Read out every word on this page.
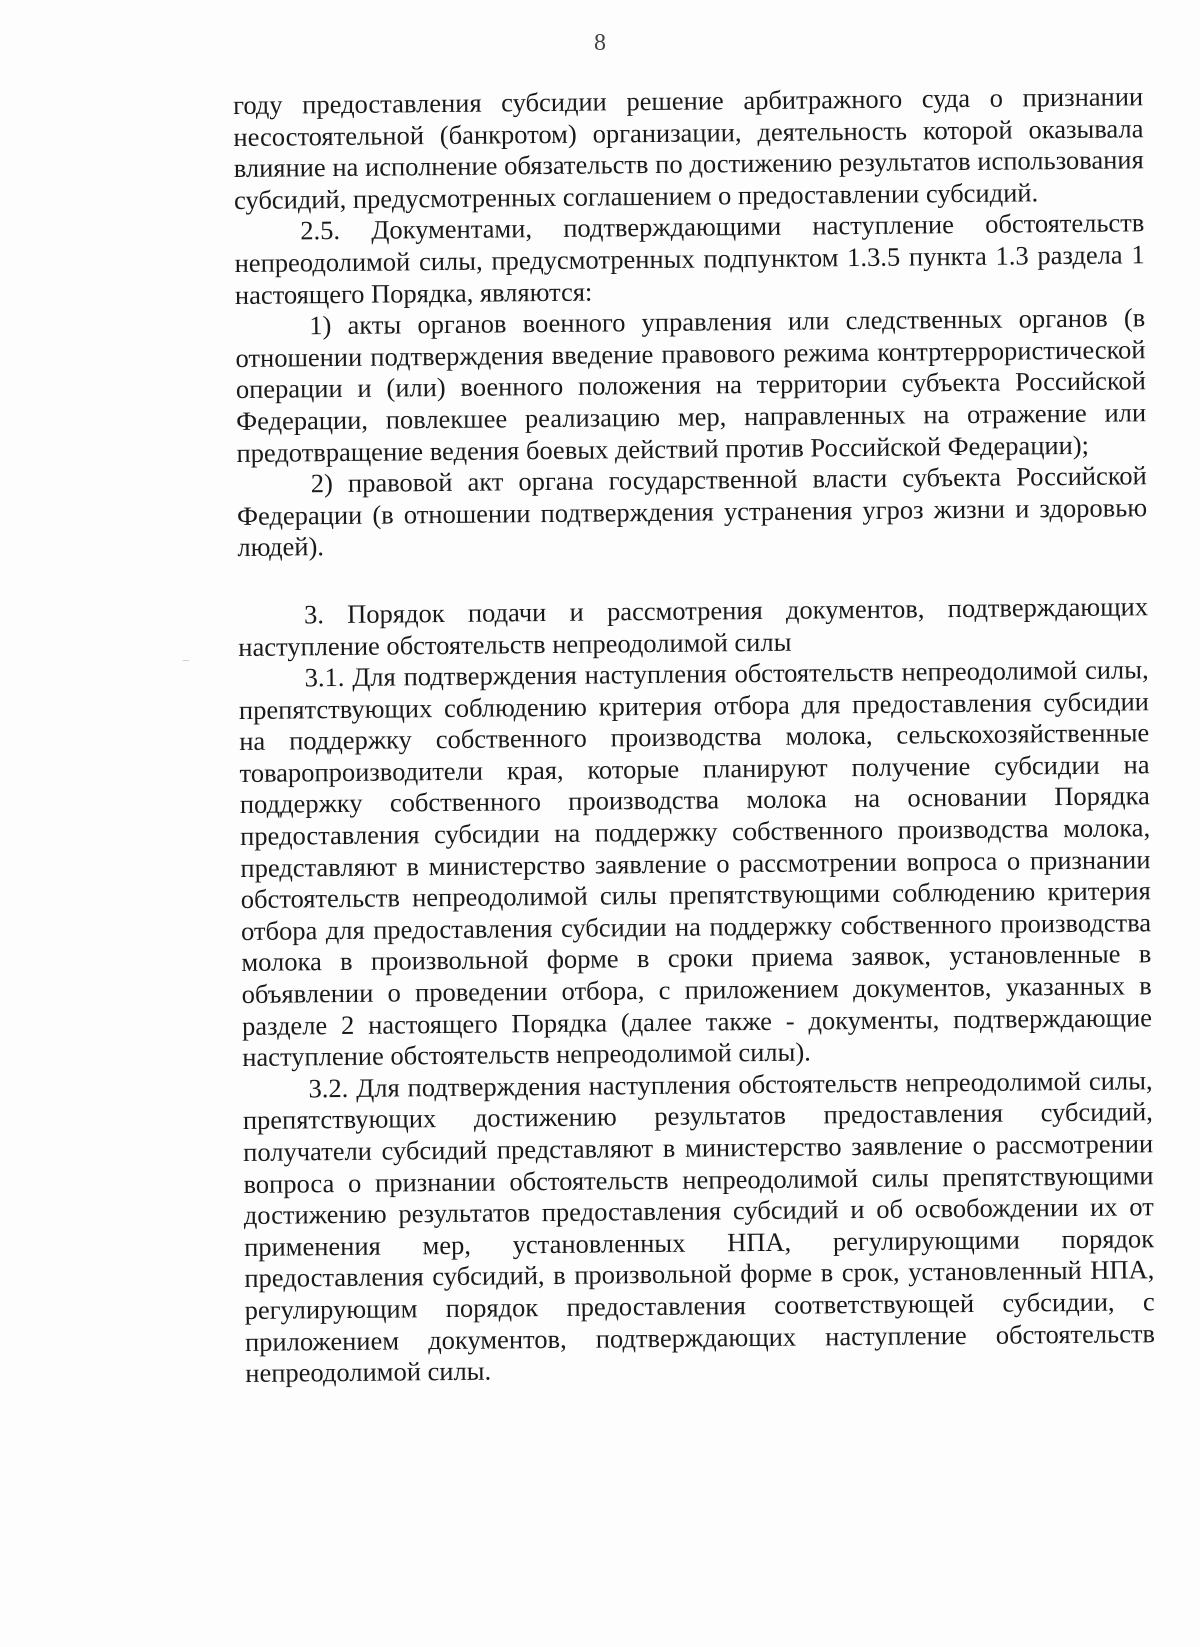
8

году предоставления субсидии решение арбитражного суда о признании несостоятельной (банкротом) организации, деятельность которой оказывала влияние на исполнение обязательств по достижению результатов использования субсидий, предусмотренных соглашением о предоставлении субсидий.

2.5. Документами, подтверждающими наступление обстоятельств непреодолимой силы, предусмотренных подпунктом 1.3.5 пункта 1.3 раздела 1 настоящего Порядка, являются:

1) акты органов военного управления или следственных органов (в отношении подтверждения введение правового режима контртеррористической операции и (или) военного положения на территории субъекта Российской Федерации, повлекшее реализацию мер, направленных на отражение или предотвращение ведения боевых действий против Российской Федерации);

2) правовой акт органа государственной власти субъекта Российской Федерации (в отношении подтверждения устранения угроз жизни и здоровью людей).

3. Порядок подачи и рассмотрения документов, подтверждающих наступление обстоятельств непреодолимой силы

3.1. Для подтверждения наступления обстоятельств непреодолимой силы, препятствующих соблюдению критерия отбора для предоставления субсидии на поддержку собственного производства молока, сельскохозяйственные товаропроизводители края, которые планируют получение субсидии на поддержку собственного производства молока на основании Порядка предоставления субсидии на поддержку собственного производства молока, представляют в министерство заявление о рассмотрении вопроса о признании обстоятельств непреодолимой силы препятствующими соблюдению критерия отбора для предоставления субсидии на поддержку собственного производства молока в произвольной форме в сроки приема заявок, установленные в объявлении о проведении отбора, с приложением документов, указанных в разделе 2 настоящего Порядка (далее также - документы, подтверждающие наступление обстоятельств непреодолимой силы).

3.2. Для подтверждения наступления обстоятельств непреодолимой силы, препятствующих достижению результатов предоставления субсидий, получатели субсидий представляют в министерство заявление о рассмотрении вопроса о признании обстоятельств непреодолимой силы препятствующими достижению результатов предоставления субсидий и об освобождении их от применения мер, установленных НПА, регулирующими порядок предоставления субсидий, в произвольной форме в срок, установленный НПА, регулирующим порядок предоставления соответствующей субсидии, с приложением документов, подтверждающих наступление обстоятельств непреодолимой силы.
